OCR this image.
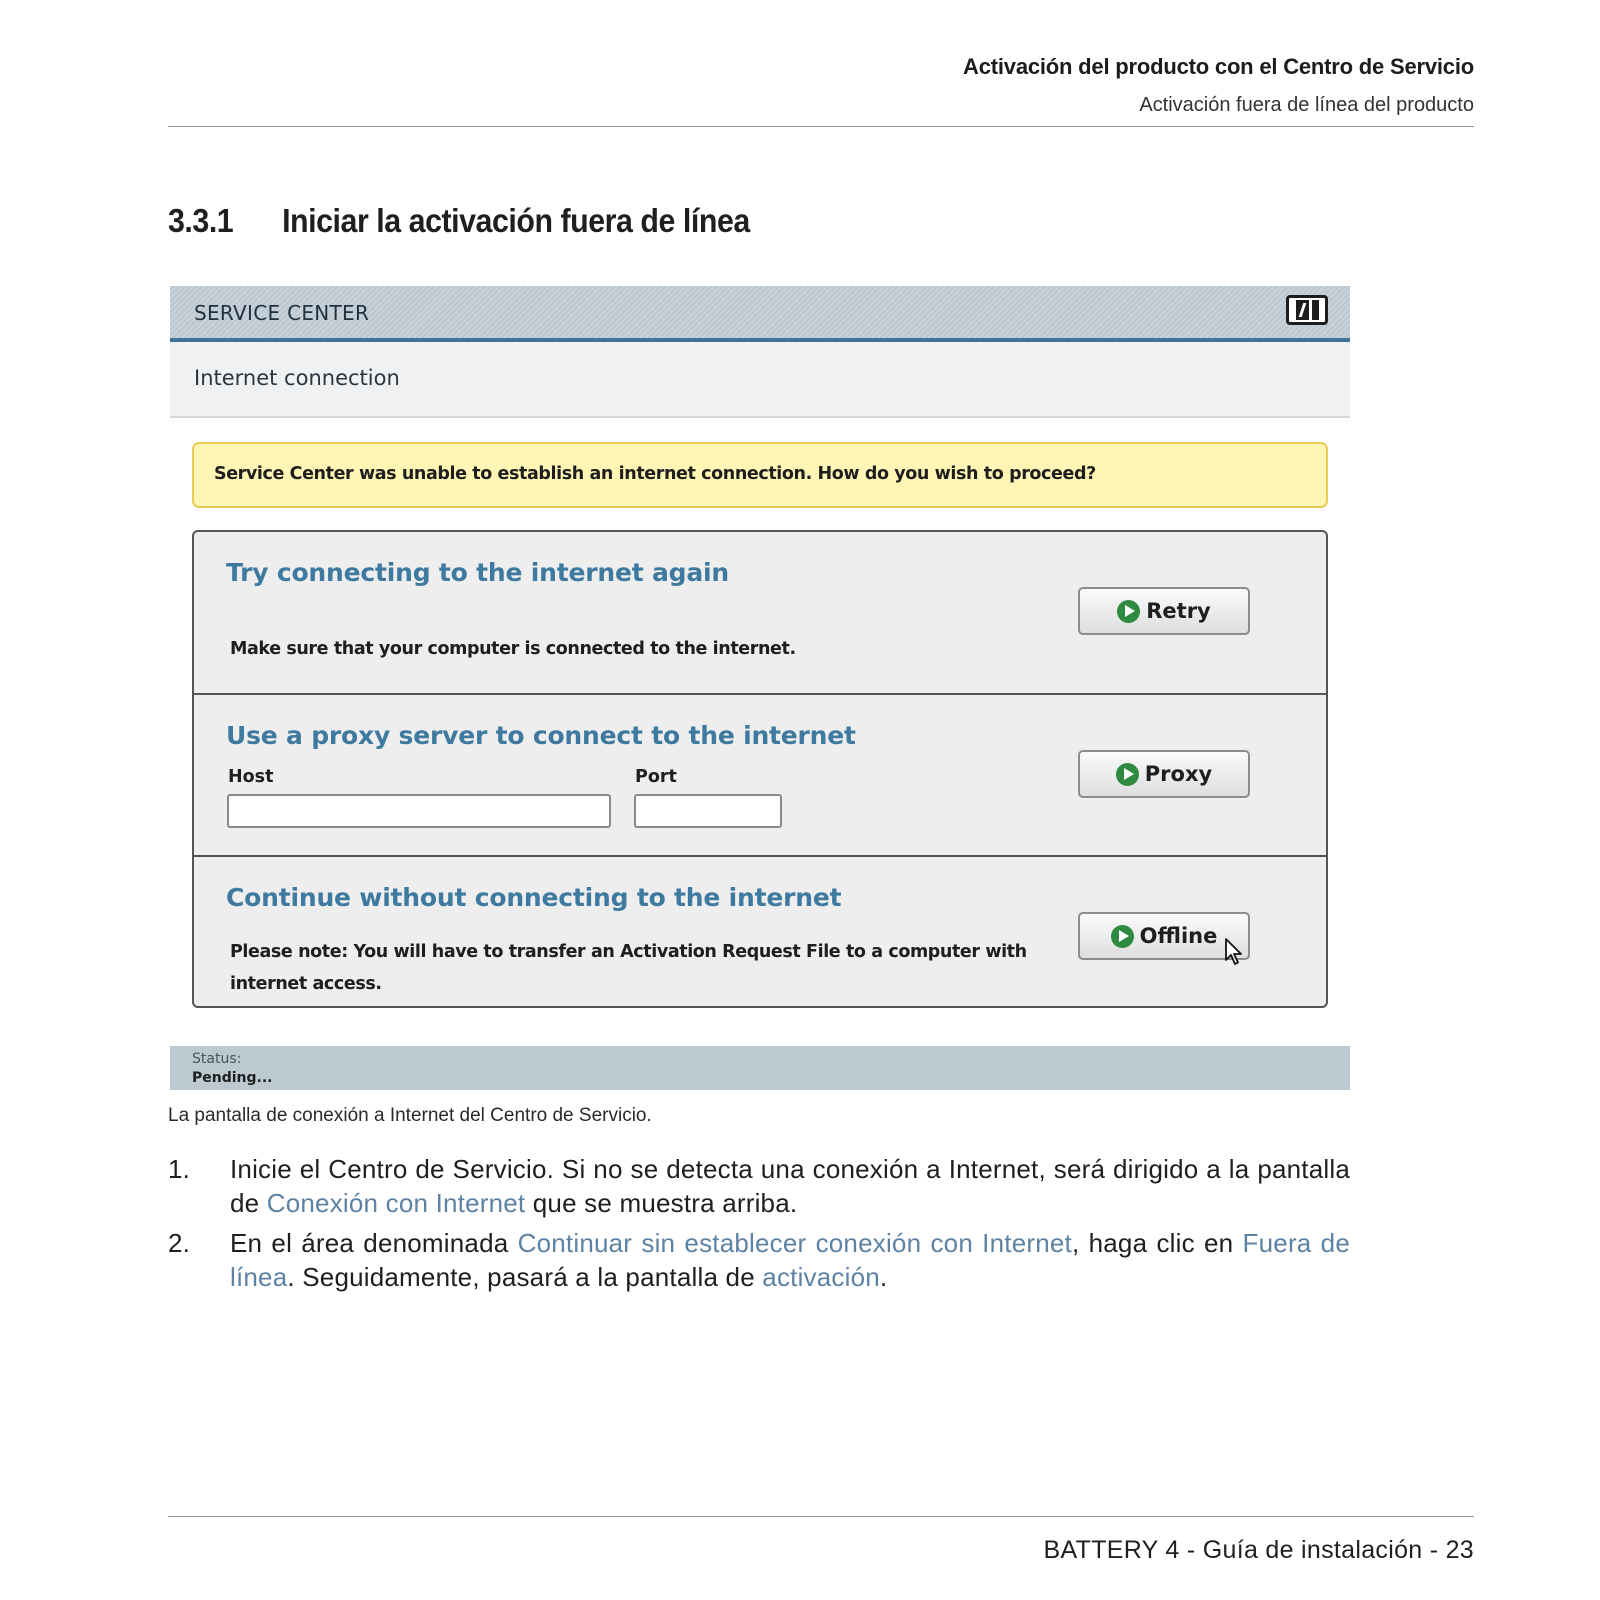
Activación del producto con el Centro de Servicio
Activación fuera de línea del producto
3.3.1 Iniciar la activación fuera de línea
SERVICE CENTER
Internet connection
Service Center was unable to establish an internet connection. How do you wish to proceed?
Try connecting to the internet again
Make sure that your computer is connected to the internet.
Retry
Use a proxy server to connect to the internet
Host	Port	Proxy
Continue without connecting to the internet
Please note: You will have to transfer an Activation Request File to a computer with internet access.
Offline
Status:
Pending...
La pantalla de conexión a Internet del Centro de Servicio.
1. Inicie el Centro de Servicio. Si no se detecta una conexión a Internet, será dirigido a la pantalla de Conexión con Internet que se muestra arriba.
2. En el área denominada Continuar sin establecer conexión con Internet, haga clic en Fuera de línea. Seguidamente, pasará a la pantalla de activación.
BATTERY 4 - Guía de instalación - 23
